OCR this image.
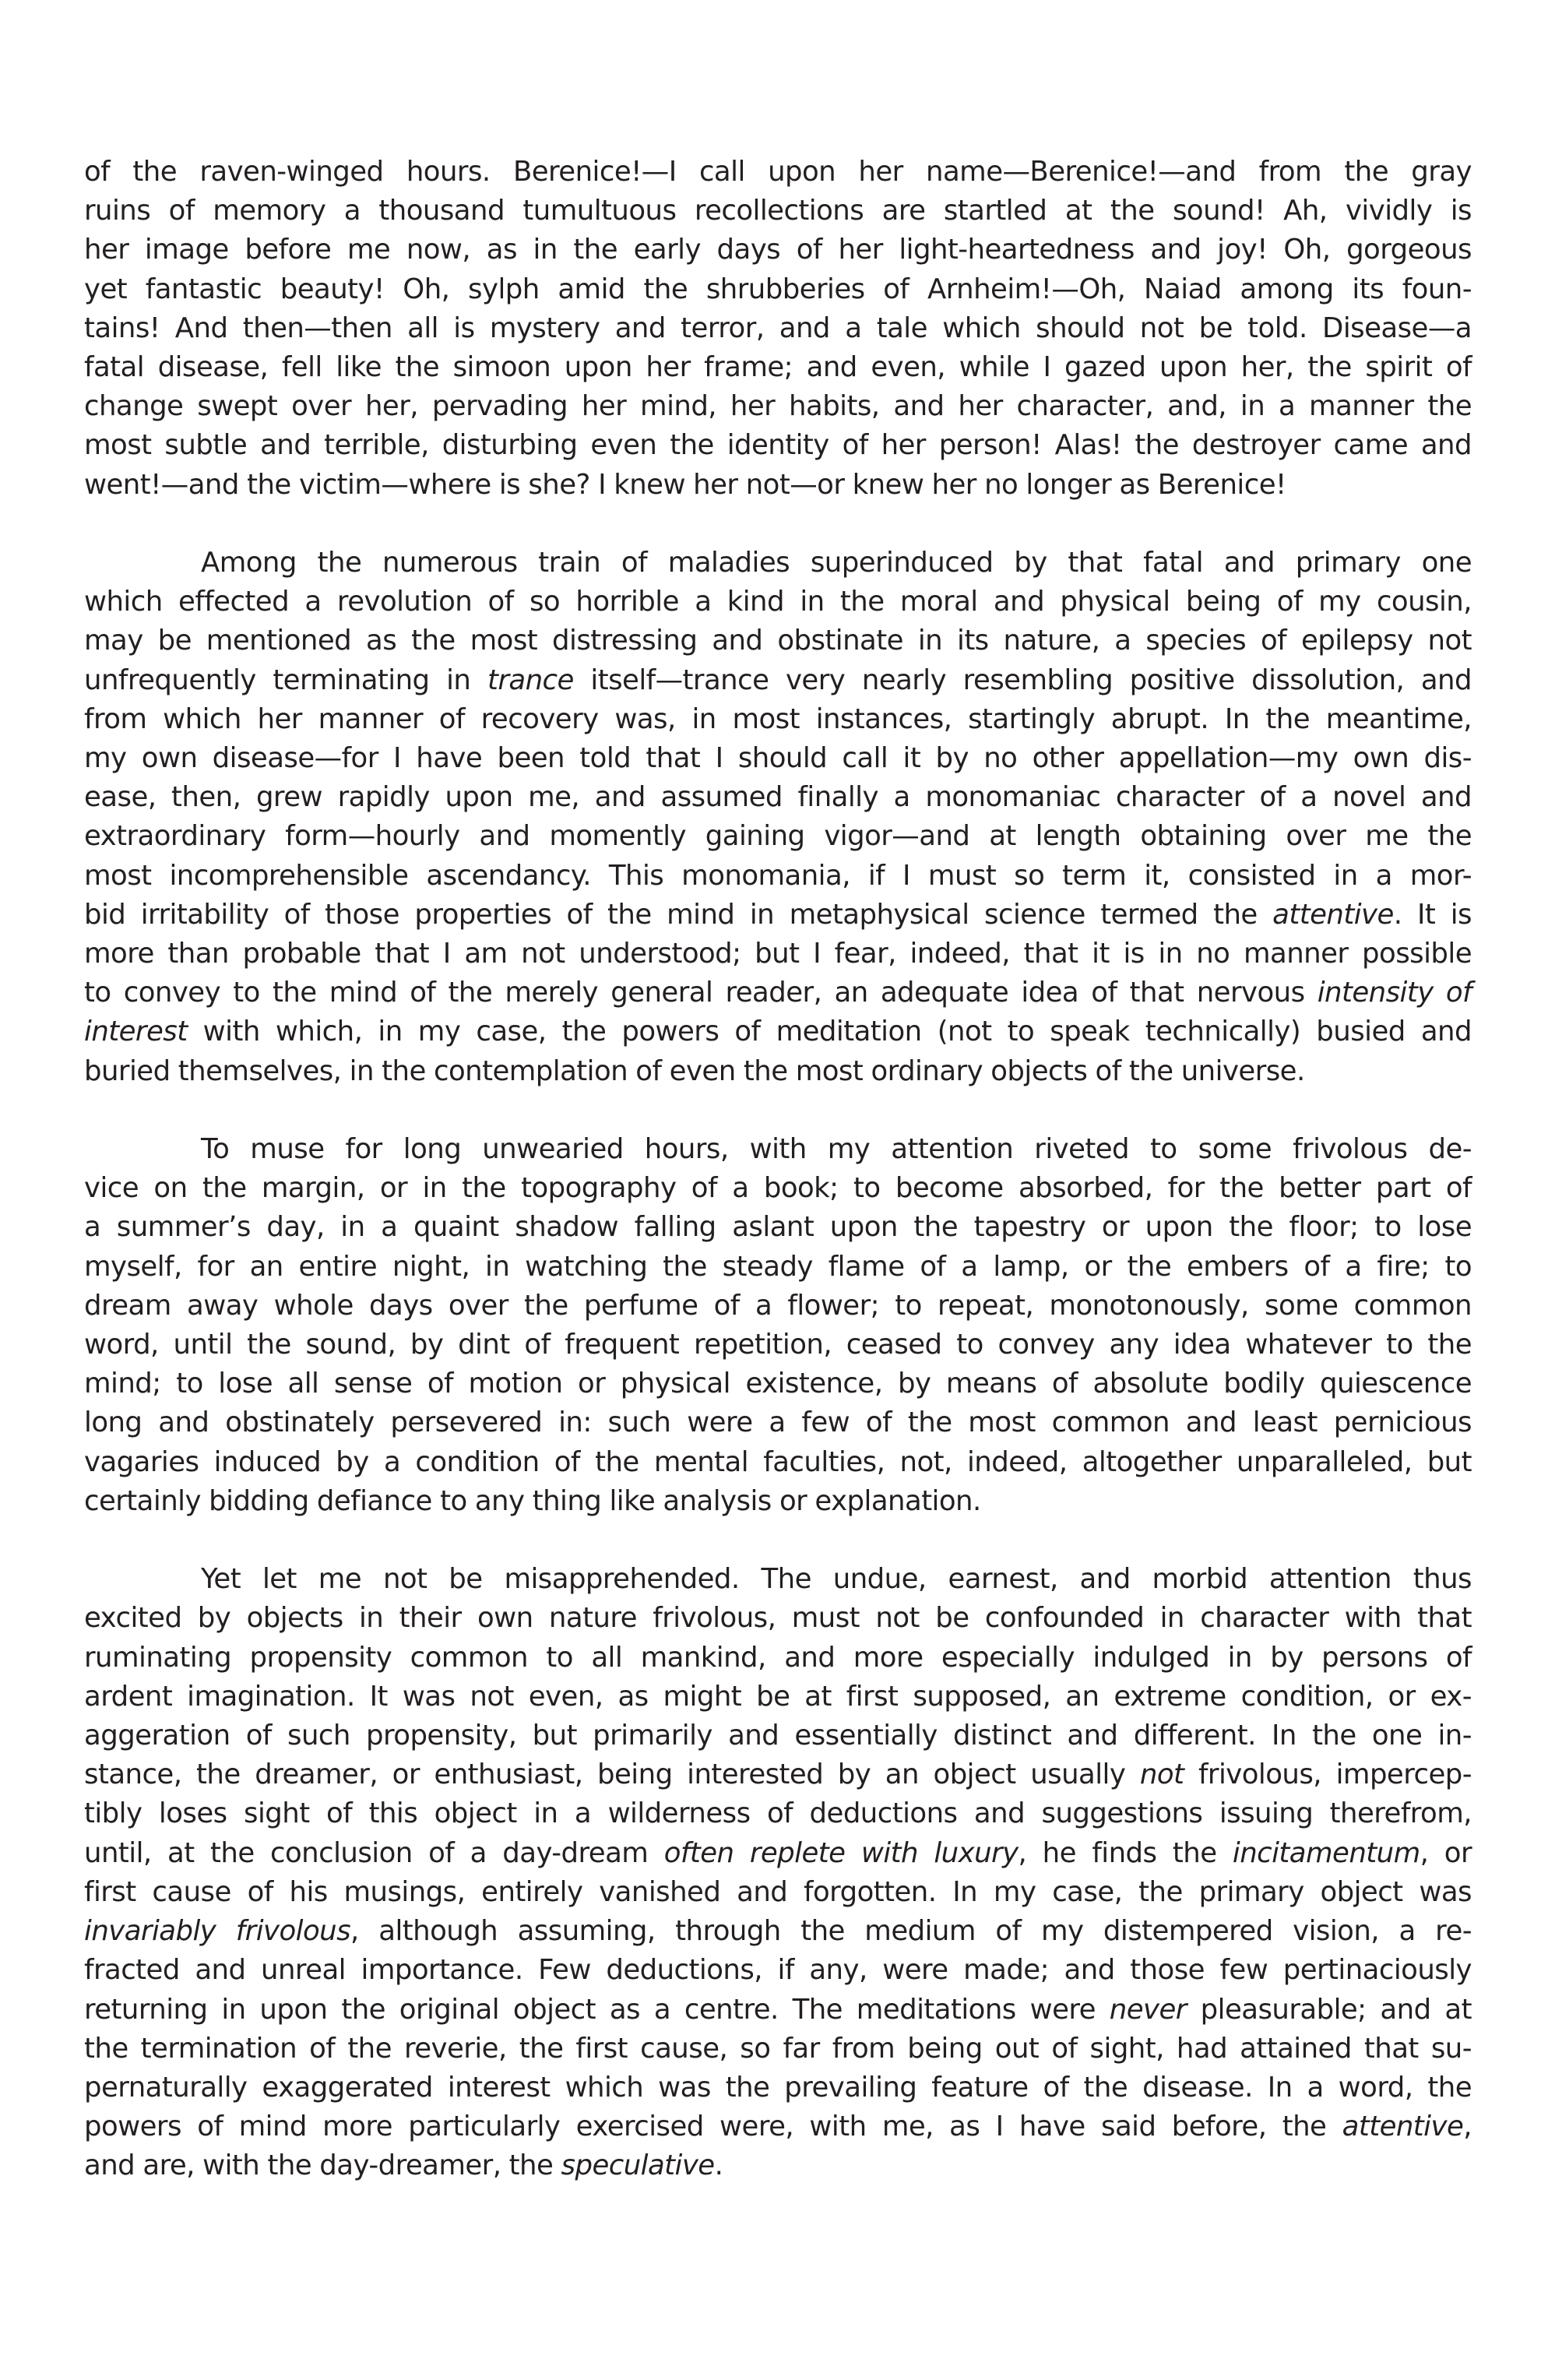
of the raven-winged hours. Berenice!—I call upon her name—Berenice!—and from the gray
ruins of memory a thousand tumultuous recollections are startled at the sound! Ah, vividly is
her image before me now, as in the early days of her light-heartedness and joy! Oh, gorgeous
yet fantastic beauty! Oh, sylph amid the shrubberies of Arnheim!—Oh, Naiad among its foun-
tains! And then—then all is mystery and terror, and a tale which should not be told. Disease—a
fatal disease, fell like the simoon upon her frame; and even, while I gazed upon her, the spirit of
change swept over her, pervading her mind, her habits, and her character, and, in a manner the
most subtle and terrible, disturbing even the identity of her person! Alas! the destroyer came and
went!—and the victim—where is she? I knew her not—or knew her no longer as Berenice!
Among the numerous train of maladies superinduced by that fatal and primary one
which effected a revolution of so horrible a kind in the moral and physical being of my cousin,
may be mentioned as the most distressing and obstinate in its nature, a species of epilepsy not
unfrequently terminating in trance itself—trance very nearly resembling positive dissolution, and
from which her manner of recovery was, in most instances, startingly abrupt. In the meantime,
my own disease—for I have been told that I should call it by no other appellation—my own dis-
ease, then, grew rapidly upon me, and assumed finally a monomaniac character of a novel and
extraordinary form—hourly and momently gaining vigor—and at length obtaining over me the
most incomprehensible ascendancy. This monomania, if I must so term it, consisted in a mor-
bid irritability of those properties of the mind in metaphysical science termed the attentive. It is
more than probable that I am not understood; but I fear, indeed, that it is in no manner possible
to convey to the mind of the merely general reader, an adequate idea of that nervous intensity of
interest with which, in my case, the powers of meditation (not to speak technically) busied and
buried themselves, in the contemplation of even the most ordinary objects of the universe.
To muse for long unwearied hours, with my attention riveted to some frivolous de-
vice on the margin, or in the topography of a book; to become absorbed, for the better part of
a summer’s day, in a quaint shadow falling aslant upon the tapestry or upon the floor; to lose
myself, for an entire night, in watching the steady flame of a lamp, or the embers of a fire; to
dream away whole days over the perfume of a flower; to repeat, monotonously, some common
word, until the sound, by dint of frequent repetition, ceased to convey any idea whatever to the
mind; to lose all sense of motion or physical existence, by means of absolute bodily quiescence
long and obstinately persevered in: such were a few of the most common and least pernicious
vagaries induced by a condition of the mental faculties, not, indeed, altogether unparalleled, but
certainly bidding defiance to any thing like analysis or explanation.
Yet let me not be misapprehended. The undue, earnest, and morbid attention thus
excited by objects in their own nature frivolous, must not be confounded in character with that
ruminating propensity common to all mankind, and more especially indulged in by persons of
ardent imagination. It was not even, as might be at first supposed, an extreme condition, or ex-
aggeration of such propensity, but primarily and essentially distinct and different. In the one in-
stance, the dreamer, or enthusiast, being interested by an object usually not frivolous, impercep-
tibly loses sight of this object in a wilderness of deductions and suggestions issuing therefrom,
until, at the conclusion of a day-dream often replete with luxury, he finds the incitamentum, or
first cause of his musings, entirely vanished and forgotten. In my case, the primary object was
invariably frivolous, although assuming, through the medium of my distempered vision, a re-
fracted and unreal importance. Few deductions, if any, were made; and those few pertinaciously
returning in upon the original object as a centre. The meditations were never pleasurable; and at
the termination of the reverie, the first cause, so far from being out of sight, had attained that su-
pernaturally exaggerated interest which was the prevailing feature of the disease. In a word, the
powers of mind more particularly exercised were, with me, as I have said before, the attentive,
and are, with the day-dreamer, the speculative.
